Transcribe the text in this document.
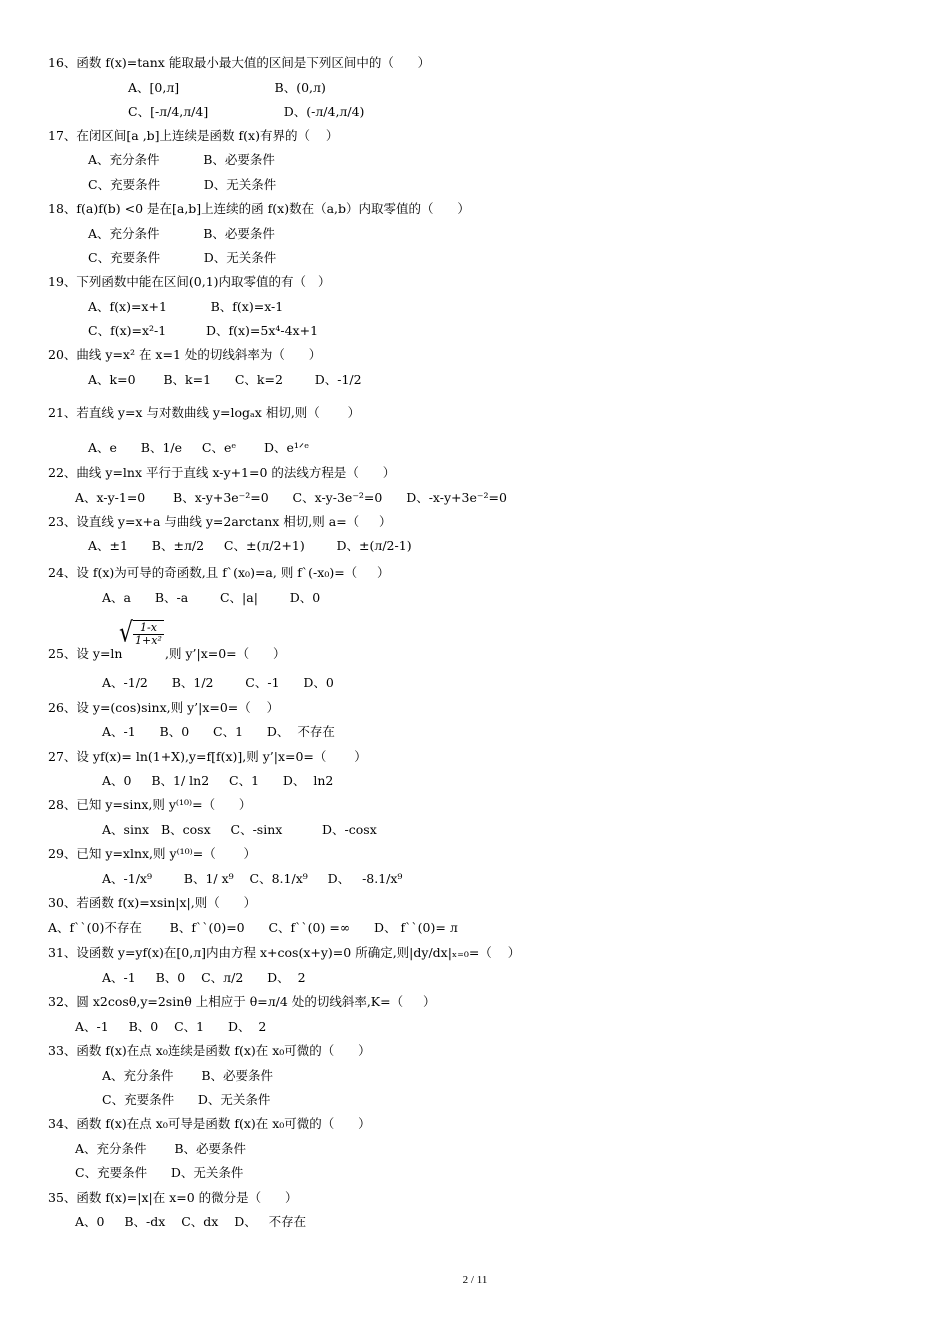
16、函数 f(x)=tanx 能取最小最大值的区间是下列区间中的（      ）
A、[0,л]                        B、(0,л)
C、[-л/4,л/4]                   D、(-л/4,л/4)
17、在闭区间[a ,b]上连续是函数 f(x)有界的（    ）
A、充分条件           B、必要条件
C、充要条件           D、无关条件
18、f(a)f(b) <0 是在[a,b]上连续的函 f(x)数在（a,b）内取零值的（      ）
A、充分条件           B、必要条件
C、充要条件           D、无关条件
19、下列函数中能在区间(0,1)内取零值的有（   ）
A、f(x)=x+1           B、f(x)=x-1
C、f(x)=x²-1          D、f(x)=5x⁴-4x+1
20、曲线 y=x² 在 x=1 处的切线斜率为（      ）
A、k=0       B、k=1      C、k=2        D、-1/2
21、若直线 y=x 与对数曲线 y=logₐx 相切,则（       ）
A、e      B、1/e     C、eᵉ       D、e¹ᐟᵉ
22、曲线 y=lnx 平行于直线 x-y+1=0 的法线方程是（      ）
A、x-y-1=0       B、x-y+3e⁻²=0      C、x-y-3e⁻²=0      D、-x-y+3e⁻²=0
23、设直线 y=x+a 与曲线 y=2arctanx 相切,则 a=（     ）
A、±1      B、±л/2     C、±(л/2+1)        D、±(л/2-1)
24、设 f(x)为可导的奇函数,且 f`(x₀)=a, 则 f`(-x₀)=（     ）
A、a      B、-a        C、|a|        D、0
25、设 y=ln
√ $\frac{1-x}{\text{1+x²}}$
,则 y’|x=0=（      ）
A、-1/2      B、1/2        C、-1      D、0
26、设 y=(cos)sinx,则 y’|x=0=（    ）
A、-1      B、0      C、1      D、  不存在
27、设 yf(x)= ln(1+X),y=f[f(x)],则 y’|x=0=（       ）
A、0     B、1/ ln2     C、1      D、  ln2
28、已知 y=sinx,则 y⁽¹⁰⁾=（      ）
A、sinx   B、cosx     C、-sinx          D、-cosx
29、已知 y=xlnx,则 y⁽¹⁰⁾=（       ）
A、-1/x⁹        B、1/ x⁹    C、8.1/x⁹     D、   -8.1/x⁹
30、若函数 f(x)=xsin|x|,则（      ）
A、f``(0)不存在       B、f``(0)=0      C、f``(0) =∞      D、 f``(0)= л
31、设函数 y=yf(x)在[0,л]内由方程 x+cos(x+y)=0 所确定,则|dy/dx|ₓ₌₀=（    ）
A、-1     B、0    C、л/2      D、  2
32、圆 x2cosθ,y=2sinθ 上相应于 θ=л/4 处的切线斜率,K=（     ）
A、-1     B、0    C、1      D、  2
33、函数 f(x)在点 x₀连续是函数 f(x)在 x₀可微的（      ）
A、充分条件       B、必要条件
C、充要条件      D、无关条件
34、函数 f(x)在点 x₀可导是函数 f(x)在 x₀可微的（      ）
A、充分条件       B、必要条件
C、充要条件      D、无关条件
35、函数 f(x)=|x|在 x=0 的微分是（      ）
A、0     B、-dx    C、dx    D、   不存在
2 / 11
